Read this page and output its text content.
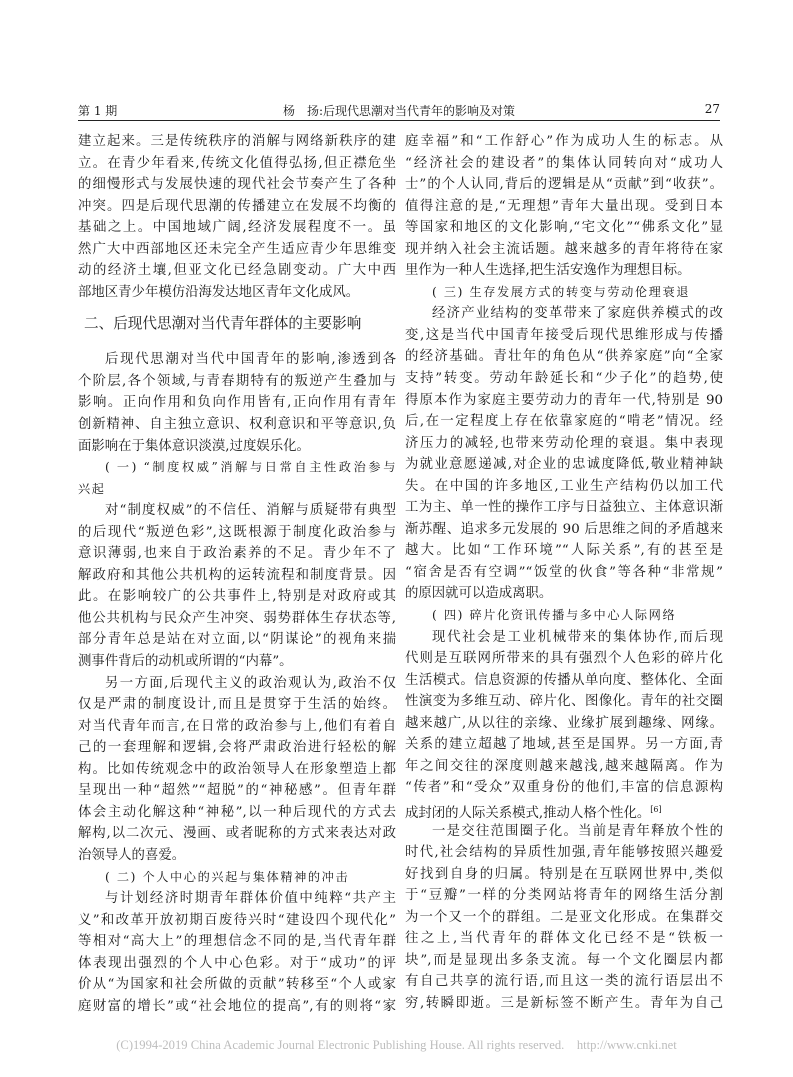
第 1 期	杨　扬:后现代思潮对当代青年的影响及对策	27
建立起来。三是传统秩序的消解与网络新秩序的建
立。在青少年看来,传统文化值得弘扬,但正襟危坐
的细慢形式与发展快速的现代社会节奏产生了各种
冲突。四是后现代思潮的传播建立在发展不均衡的
基础之上。中国地域广阔,经济发展程度不一。虽
然广大中西部地区还未完全产生适应青少年思维变
动的经济土壤,但亚文化已经急剧变动。广大中西
部地区青少年模仿沿海发达地区青年文化成风。
二、后现代思潮对当代青年群体的主要影响
后现代思潮对当代中国青年的影响,渗透到各
个阶层,各个领域,与青春期特有的叛逆产生叠加与
影响。正向作用和负向作用皆有,正向作用有青年
创新精神、自主独立意识、权利意识和平等意识,负
面影响在于集体意识淡漠,过度娱乐化。
( 一) “制度权威”消解与日常自主性政治参与
兴起
对“制度权威”的不信任、消解与质疑带有典型
的后现代“叛逆色彩”,这既根源于制度化政治参与
意识薄弱,也来自于政治素养的不足。青少年不了
解政府和其他公共机构的运转流程和制度背景。因
此。在影响较广的公共事件上,特别是对政府或其
他公共机构与民众产生冲突、弱势群体生存状态等,
部分青年总是站在对立面,以“阴谋论”的视角来揣
测事件背后的动机或所谓的“内幕”。
另一方面,后现代主义的政治观认为,政治不仅
仅是严肃的制度设计,而且是贯穿于生活的始终。
对当代青年而言,在日常的政治参与上,他们有着自
己的一套理解和逻辑,会将严肃政治进行轻松的解
构。比如传统观念中的政治领导人在形象塑造上都
呈现出一种“超然”“超脱”的“神秘感”。但青年群
体会主动化解这种“神秘”,以一种后现代的方式去
解构,以二次元、漫画、或者昵称的方式来表达对政
治领导人的喜爱。
( 二) 个人中心的兴起与集体精神的冲击
与计划经济时期青年群体价值中纯粹“共产主
义”和改革开放初期百废待兴时“建设四个现代化”
等相对“高大上”的理想信念不同的是,当代青年群
体表现出强烈的个人中心色彩。对于“成功”的评
价从“为国家和社会所做的贡献”转移至“个人或家
庭财富的增长”或“社会地位的提高”,有的则将“家
庭幸福”和“工作舒心”作为成功人生的标志。从
“经济社会的建设者”的集体认同转向对“成功人
士”的个人认同,背后的逻辑是从“贡献”到“收获”。
值得注意的是,“无理想”青年大量出现。受到日本
等国家和地区的文化影响,“宅文化”“佛系文化”显
现并纳入社会主流话题。越来越多的青年将待在家
里作为一种人生选择,把生活安逸作为理想目标。
( 三) 生存发展方式的转变与劳动伦理衰退
经济产业结构的变革带来了家庭供养模式的改
变,这是当代中国青年接受后现代思维形成与传播
的经济基础。青壮年的角色从“供养家庭”向“全家
支持”转变。劳动年龄延长和“少子化”的趋势,使
得原本作为家庭主要劳动力的青年一代,特别是 90
后,在一定程度上存在依靠家庭的“啃老”情况。经
济压力的减轻,也带来劳动伦理的衰退。集中表现
为就业意愿递减,对企业的忠诚度降低,敬业精神缺
失。在中国的许多地区,工业生产结构仍以加工代
工为主、单一性的操作工序与日益独立、主体意识渐
渐苏醒、追求多元发展的 90 后思维之间的矛盾越来
越大。比如“工作环境”“人际关系”,有的甚至是
“宿舍是否有空调”“饭堂的伙食”等各种“非常规”
的原因就可以造成离职。
( 四) 碎片化资讯传播与多中心人际网络
现代社会是工业机械带来的集体协作,而后现
代则是互联网所带来的具有强烈个人色彩的碎片化
生活模式。信息资源的传播从单向度、整体化、全面
性演变为多维互动、碎片化、图像化。青年的社交圈
越来越广,从以往的亲缘、业缘扩展到趣缘、网缘。
关系的建立超越了地域,甚至是国界。另一方面,青
年之间交往的深度则越来越浅,越来越隔离。作为
“传者”和“受众”双重身份的他们,丰富的信息源构
成封闭的人际关系模式,推动人格个性化。[6]
一是交往范围圈子化。当前是青年释放个性的
时代,社会结构的异质性加强,青年能够按照兴趣爱
好找到自身的归属。特别是在互联网世界中,类似
于“豆瓣”一样的分类网站将青年的网络生活分割
为一个又一个的群组。二是亚文化形成。在集群交
往之上,当代青年的群体文化已经不是“铁板一
块”,而是显现出多条支流。每一个文化圈层内都
有自己共享的流行语,而且这一类的流行语层出不
穷,转瞬即逝。三是新标签不断产生。青年为自己
(C)1994-2019 China Academic Journal Electronic Publishing House. All rights reserved.    http://www.cnki.net
